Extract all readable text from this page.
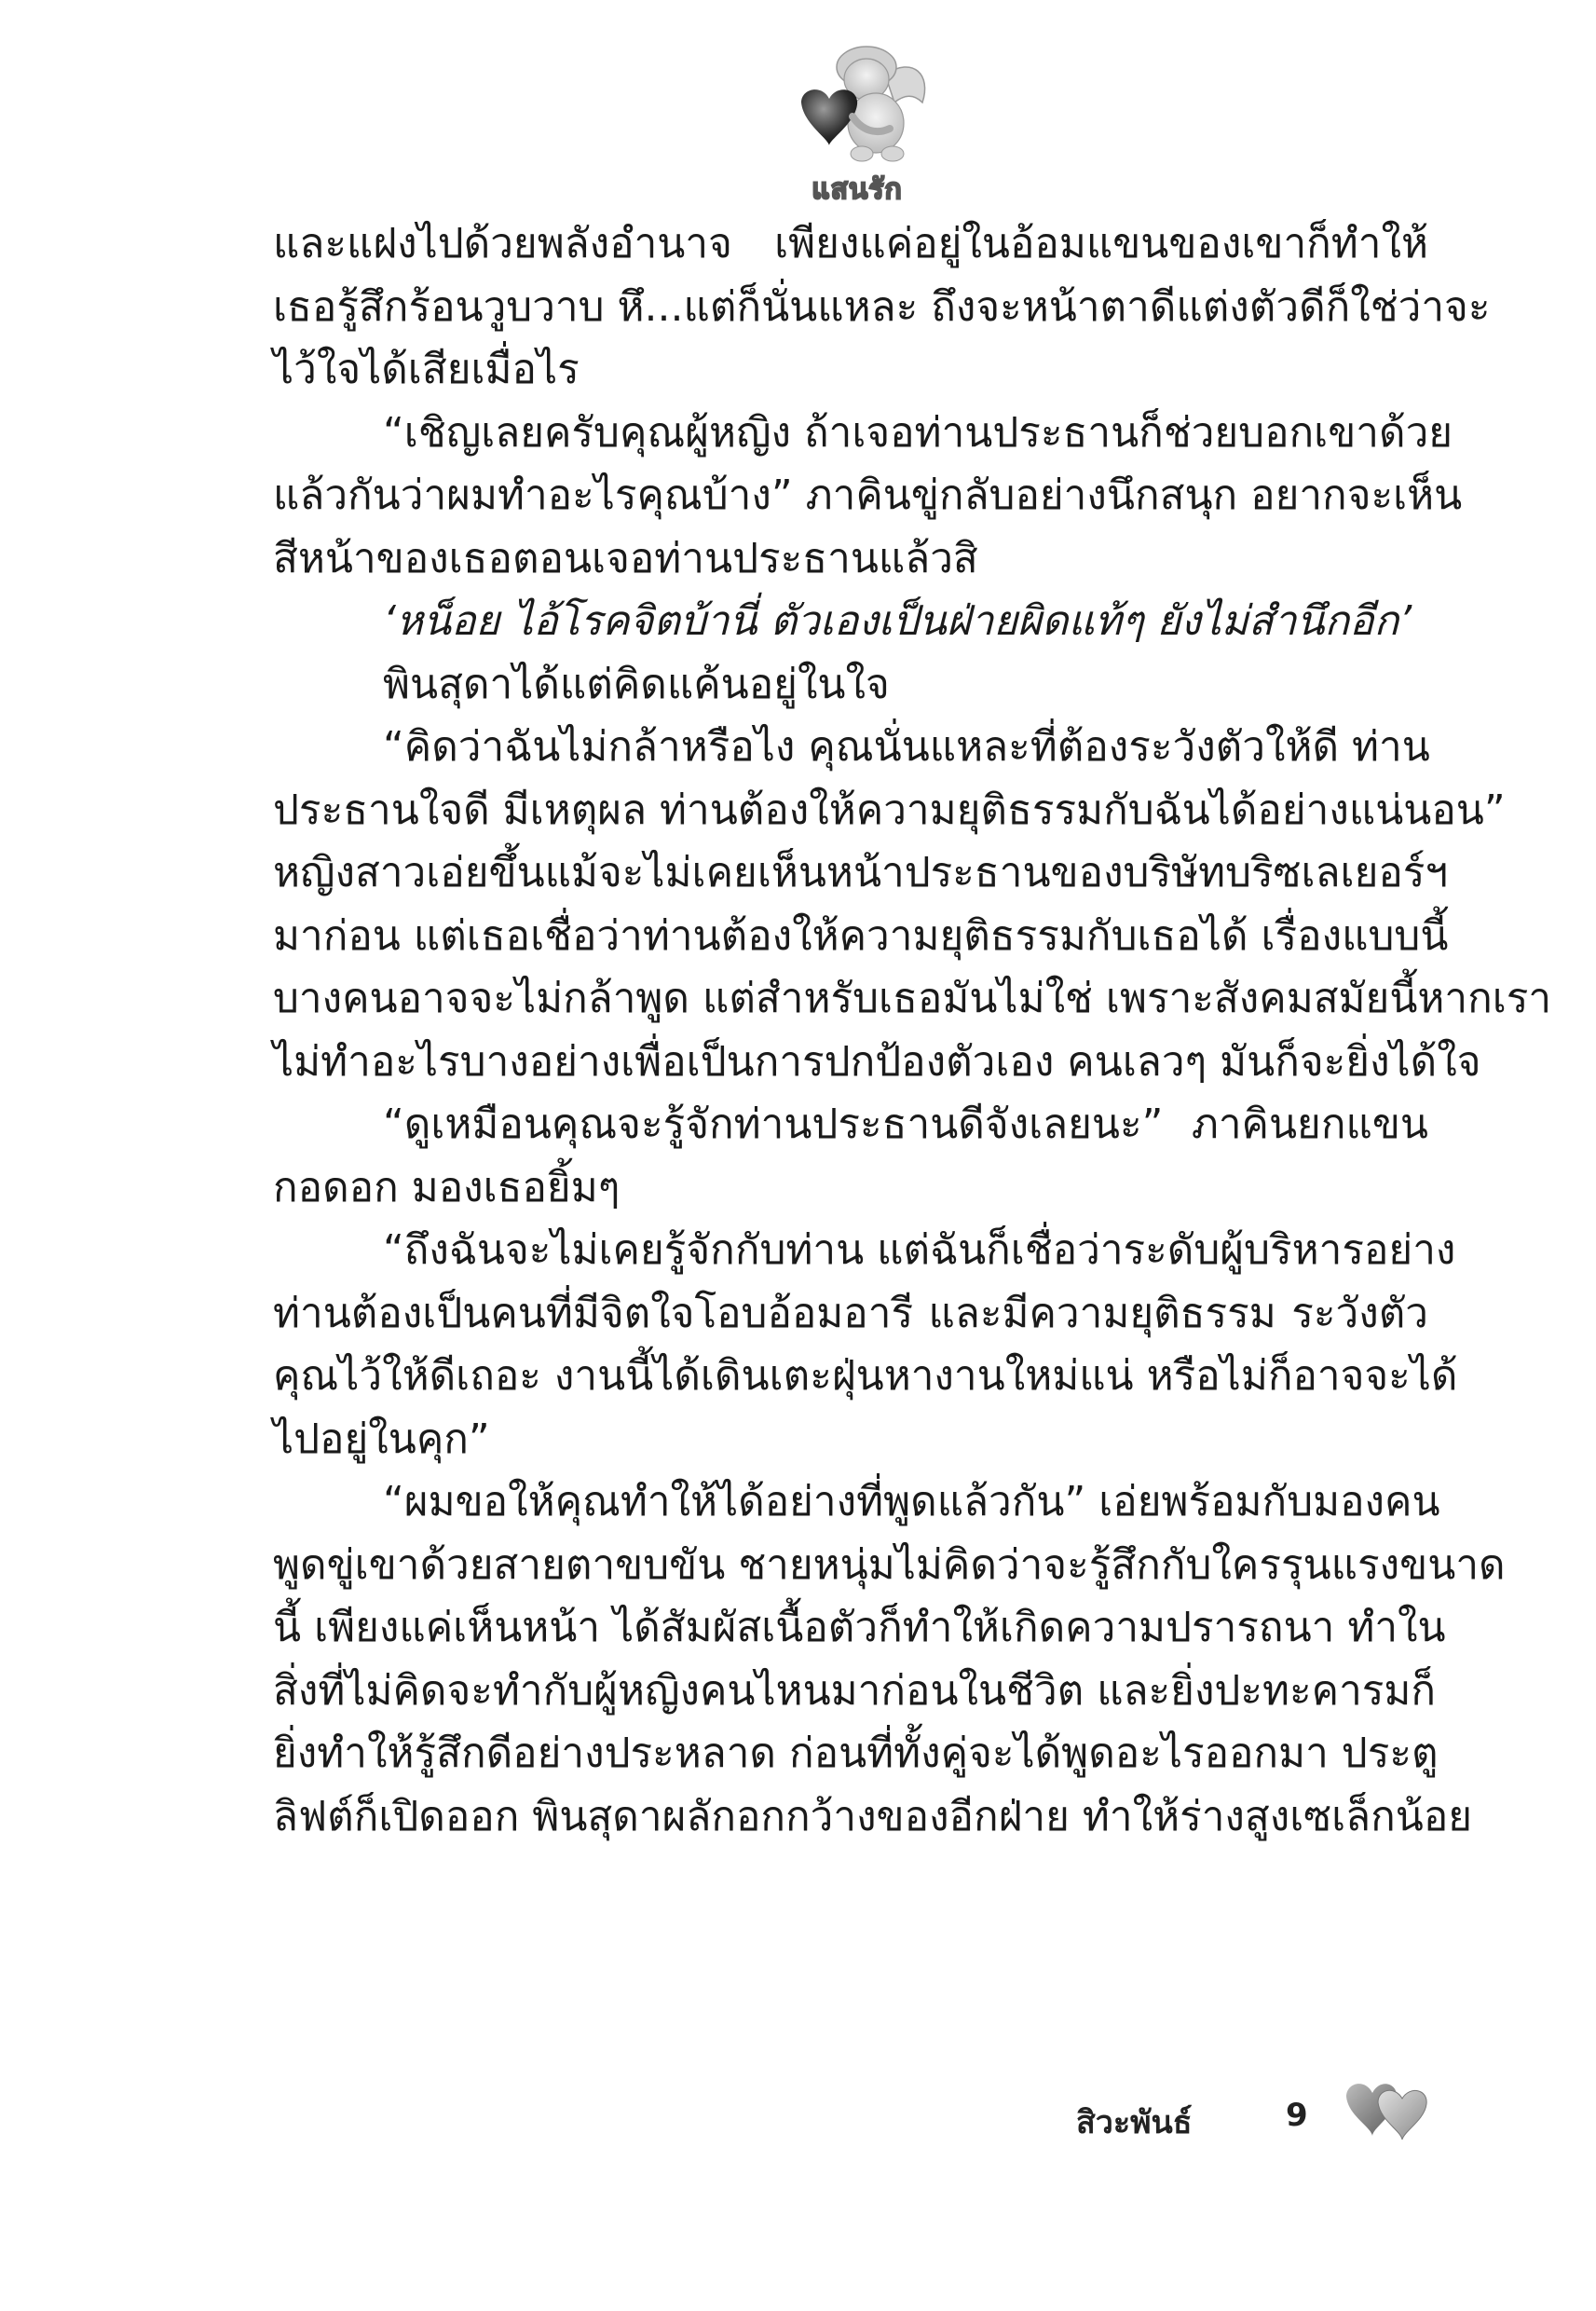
แสนรัก
และแฝงไปด้วยพลังอำนาจ เพียงแค่อยู่ในอ้อมแขนของเขาก็ทำให้
เธอรู้สึกร้อนวูบวาบ หึ...แต่ก็นั่นแหละ ถึงจะหน้าตาดีแต่งตัวดีก็ใช่ว่าจะ
ไว้ใจได้เสียเมื่อไร
“เชิญเลยครับคุณผู้หญิง ถ้าเจอท่านประธานก็ช่วยบอกเขาด้วย
แล้วกันว่าผมทำอะไรคุณบ้าง” ภาคินขู่กลับอย่างนึกสนุก อยากจะเห็น
สีหน้าของเธอตอนเจอท่านประธานแล้วสิ
‘หน็อย ไอ้โรคจิตบ้านี่ ตัวเองเป็นฝ่ายผิดแท้ๆ ยังไม่สำนึกอีก’
พินสุดาได้แต่คิดแค้นอยู่ในใจ
“คิดว่าฉันไม่กล้าหรือไง คุณนั่นแหละที่ต้องระวังตัวให้ดี ท่าน
ประธานใจดี มีเหตุผล ท่านต้องให้ความยุติธรรมกับฉันได้อย่างแน่นอน”
หญิงสาวเอ่ยขึ้นแม้จะไม่เคยเห็นหน้าประธานของบริษัทบริซเลเยอร์ฯ
มาก่อน แต่เธอเชื่อว่าท่านต้องให้ความยุติธรรมกับเธอได้ เรื่องแบบนี้
บางคนอาจจะไม่กล้าพูด แต่สำหรับเธอมันไม่ใช่ เพราะสังคมสมัยนี้หากเรา
ไม่ทำอะไรบางอย่างเพื่อเป็นการปกป้องตัวเอง คนเลวๆ มันก็จะยิ่งได้ใจ
“ดูเหมือนคุณจะรู้จักท่านประธานดีจังเลยนะ” ภาคินยกแขน
กอดอก มองเธอยิ้มๆ
“ถึงฉันจะไม่เคยรู้จักกับท่าน แต่ฉันก็เชื่อว่าระดับผู้บริหารอย่าง
ท่านต้องเป็นคนที่มีจิตใจโอบอ้อมอารี และมีความยุติธรรม ระวังตัว
คุณไว้ให้ดีเถอะ งานนี้ได้เดินเตะฝุ่นหางานใหม่แน่ หรือไม่ก็อาจจะได้
ไปอยู่ในคุก”
“ผมขอให้คุณทำให้ได้อย่างที่พูดแล้วกัน” เอ่ยพร้อมกับมองคน
พูดขู่เขาด้วยสายตาขบขัน ชายหนุ่มไม่คิดว่าจะรู้สึกกับใครรุนแรงขนาด
นี้ เพียงแค่เห็นหน้า ได้สัมผัสเนื้อตัวก็ทำให้เกิดความปรารถนา ทำใน
สิ่งที่ไม่คิดจะทำกับผู้หญิงคนไหนมาก่อนในชีวิต และยิ่งปะทะคารมก็
ยิ่งทำให้รู้สึกดีอย่างประหลาด ก่อนที่ทั้งคู่จะได้พูดอะไรออกมา ประตู
ลิฟต์ก็เปิดออก พินสุดาผลักอกกว้างของอีกฝ่าย ทำให้ร่างสูงเซเล็กน้อย
สิวะพันธ์	9
